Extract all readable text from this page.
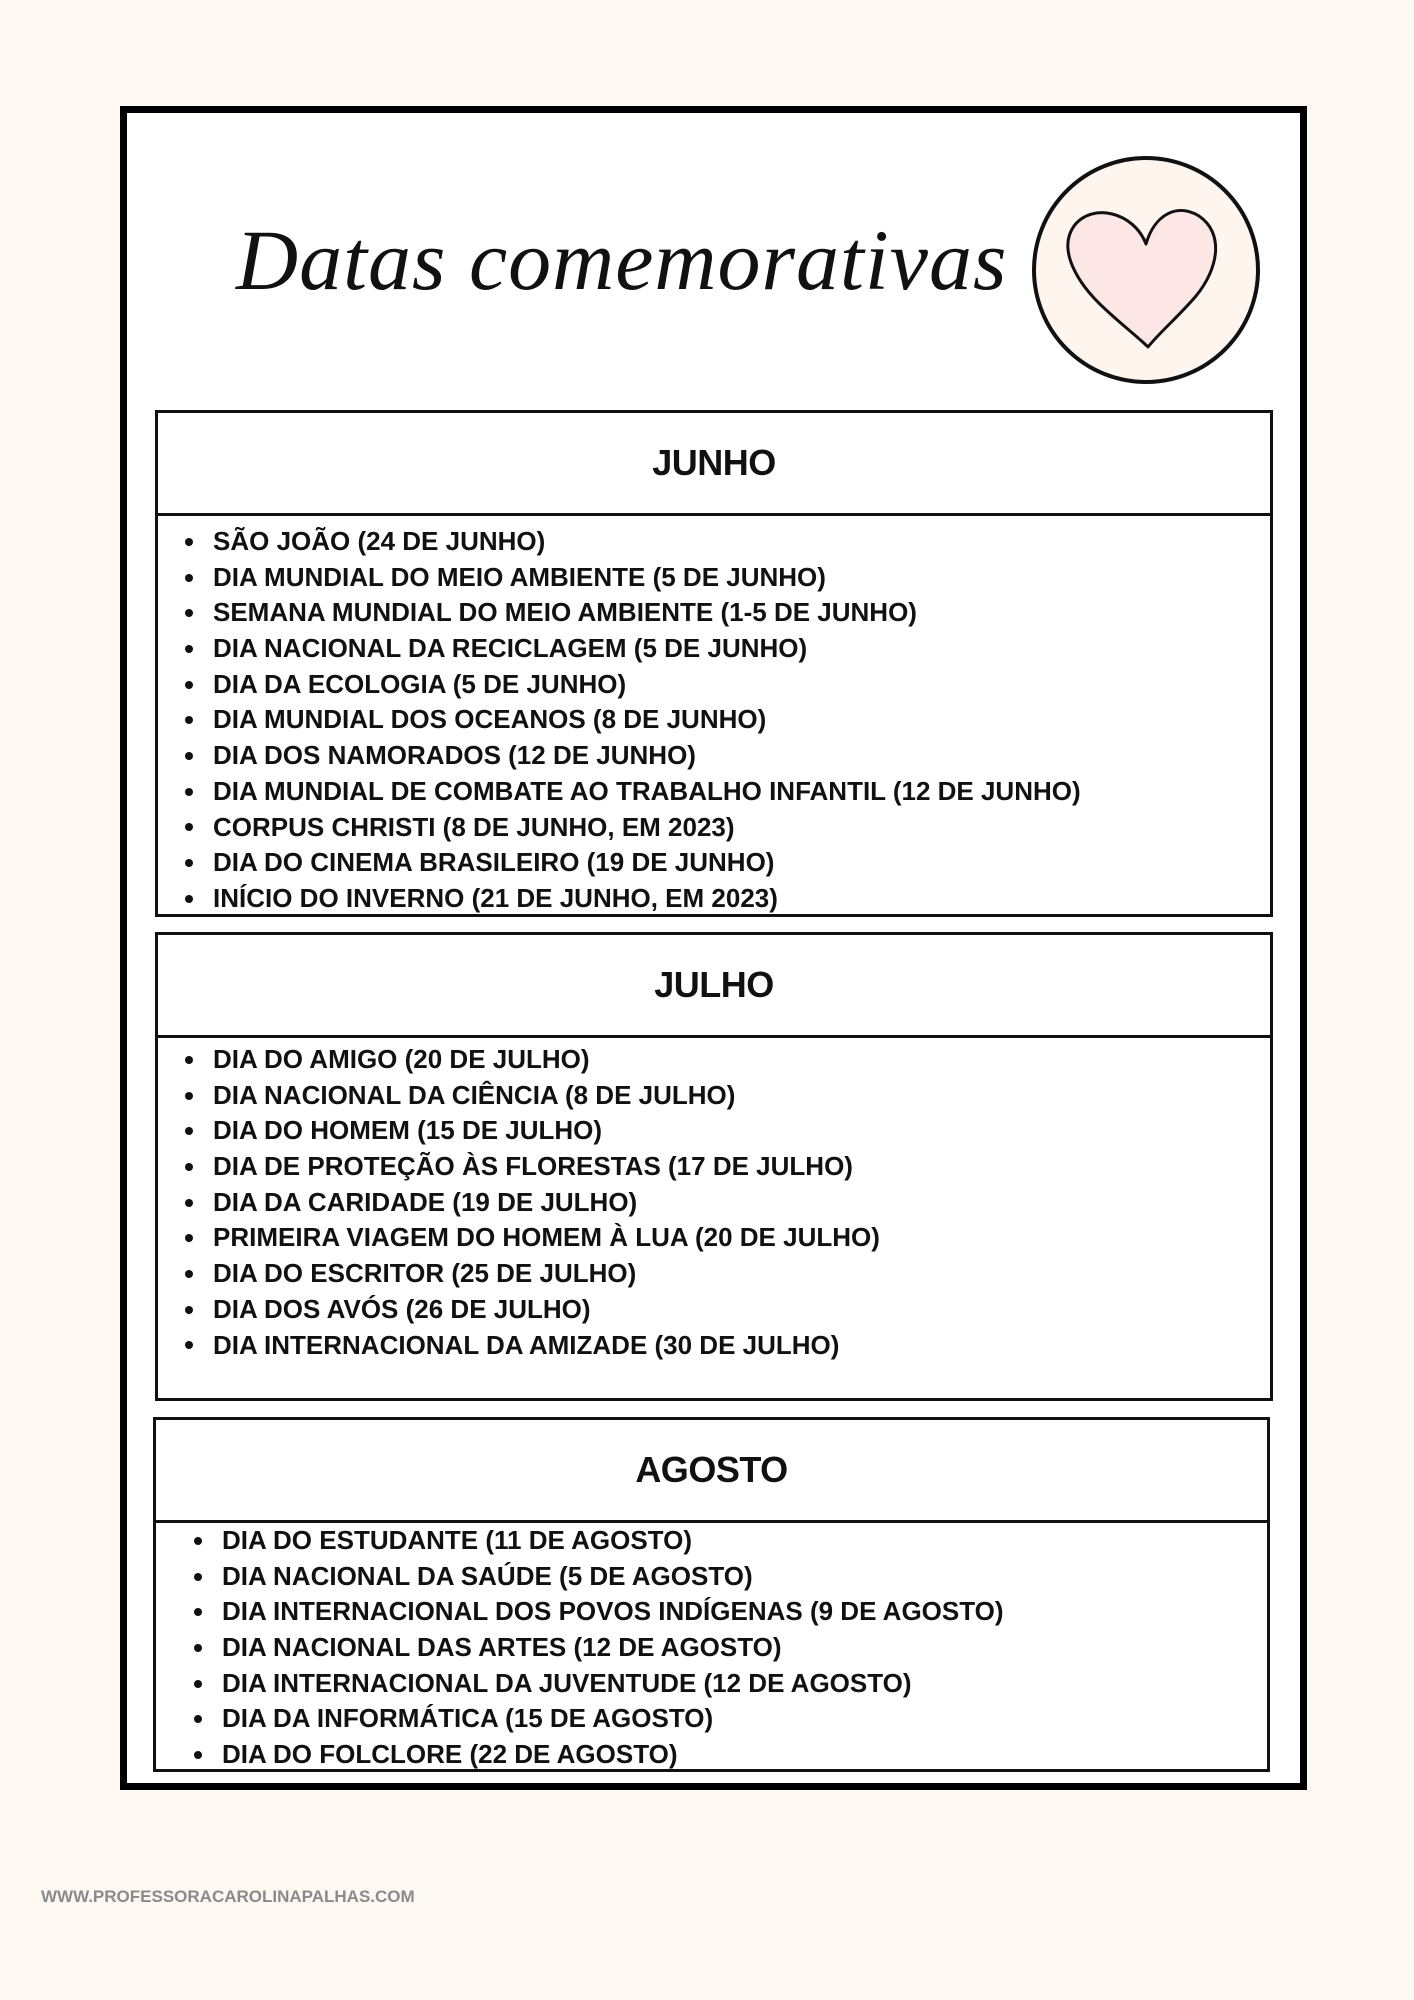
Datas comemorativas
JUNHO
SÃO JOÃO (24 DE JUNHO)
DIA MUNDIAL DO MEIO AMBIENTE (5 DE JUNHO)
SEMANA MUNDIAL DO MEIO AMBIENTE (1-5 DE JUNHO)
DIA NACIONAL DA RECICLAGEM (5 DE JUNHO)
DIA DA ECOLOGIA (5 DE JUNHO)
DIA MUNDIAL DOS OCEANOS (8 DE JUNHO)
DIA DOS NAMORADOS (12 DE JUNHO)
DIA MUNDIAL DE COMBATE AO TRABALHO INFANTIL (12 DE JUNHO)
CORPUS CHRISTI (8 DE JUNHO, EM 2023)
DIA DO CINEMA BRASILEIRO (19 DE JUNHO)
INÍCIO DO INVERNO (21 DE JUNHO, EM 2023)
JULHO
DIA DO AMIGO (20 DE JULHO)
DIA NACIONAL DA CIÊNCIA (8 DE JULHO)
DIA DO HOMEM (15 DE JULHO)
DIA DE PROTEÇÃO ÀS FLORESTAS (17 DE JULHO)
DIA DA CARIDADE (19 DE JULHO)
PRIMEIRA VIAGEM DO HOMEM À LUA (20 DE JULHO)
DIA DO ESCRITOR (25 DE JULHO)
DIA DOS AVÓS (26 DE JULHO)
DIA INTERNACIONAL DA AMIZADE (30 DE JULHO)
AGOSTO
DIA DO ESTUDANTE (11 DE AGOSTO)
DIA NACIONAL DA SAÚDE (5 DE AGOSTO)
DIA INTERNACIONAL DOS POVOS INDÍGENAS (9 DE AGOSTO)
DIA NACIONAL DAS ARTES (12 DE AGOSTO)
DIA INTERNACIONAL DA JUVENTUDE (12 DE AGOSTO)
DIA DA INFORMÁTICA (15 DE AGOSTO)
DIA DO FOLCLORE (22 DE AGOSTO)
WWW.PROFESSORACAROLINAPALHAS.COM
